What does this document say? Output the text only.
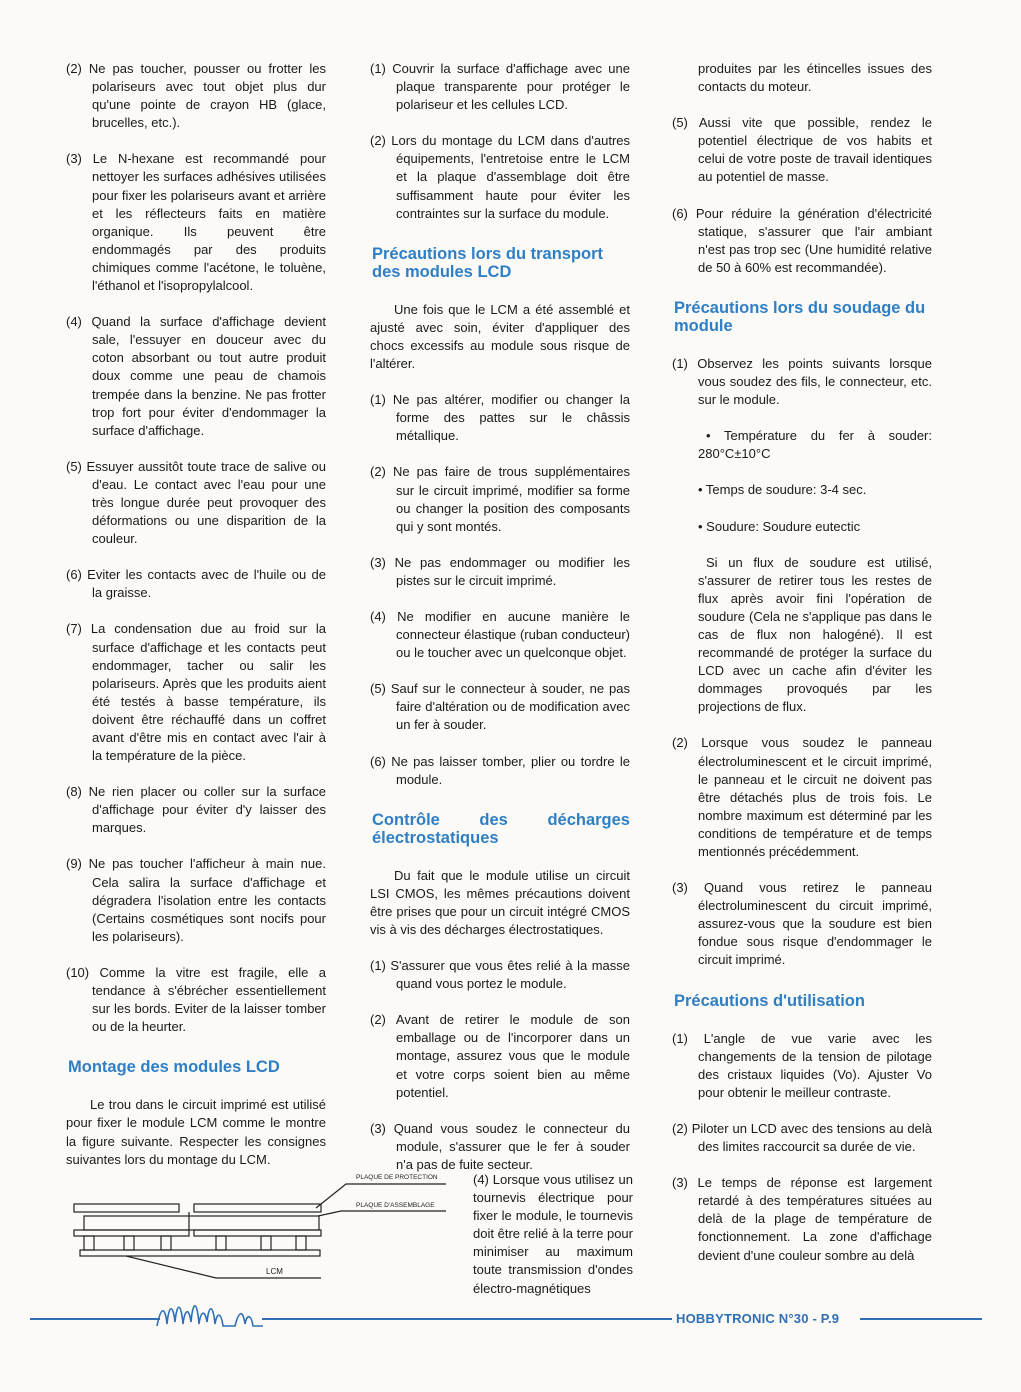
(2) Ne pas toucher, pousser ou frotter les polariseurs avec tout objet plus dur qu'une pointe de crayon HB (glace, brucelles, etc.).

(3) Le N-hexane est recommandé pour nettoyer les surfaces adhésives utilisées pour fixer les polariseurs avant et arrière et les réflecteurs faits en matière organique. Ils peuvent être endommagés par des produits chimiques comme l'acétone, le toluène, l'éthanol et l'isopropylalcool.

(4) Quand la surface d'affichage devient sale, l'essuyer en douceur avec du coton absorbant ou tout autre produit doux comme une peau de chamois trempée dans la benzine. Ne pas frotter trop fort pour éviter d'endommager la surface d'affichage.

(5) Essuyer aussitôt toute trace de salive ou d'eau. Le contact avec l'eau pour une très longue durée peut provoquer des déformations ou une disparition de la couleur.

(6) Eviter les contacts avec de l'huile ou de la graisse.

(7) La condensation due au froid sur la surface d'affichage et les contacts peut endommager, tacher ou salir les polariseurs. Après que les produits aient été testés à basse température, ils doivent être réchauffé dans un coffret avant d'être mis en contact avec l'air à la température de la pièce.

(8) Ne rien placer ou coller sur la surface d'affichage pour éviter d'y laisser des marques.

(9) Ne pas toucher l'afficheur à main nue. Cela salira la surface d'affichage et dégradera l'isolation entre les contacts (Certains cosmétiques sont nocifs pour les polariseurs).

(10) Comme la vitre est fragile, elle a tendance à s'ébrécher essentiellement sur les bords. Eviter de la laisser tomber ou de la heurter.

Montage des modules LCD

Le trou dans le circuit imprimé est utilisé pour fixer le module LCM comme le montre la figure suivante. Respecter les consignes suivantes lors du montage du LCM.

(1) Couvrir la surface d'affichage avec une plaque transparente pour protéger le polariseur et les cellules LCD.

(2) Lors du montage du LCM dans d'autres équipements, l'entretoise entre le LCM et la plaque d'assemblage doit être suffisamment haute pour éviter les contraintes sur la surface du module.

Précautions lors du transport des modules LCD

Une fois que le LCM a été assemblé et ajusté avec soin, éviter d'appliquer des chocs excessifs au module sous risque de l'altérer.

(1) Ne pas altérer, modifier ou changer la forme des pattes sur le châssis métallique.

(2) Ne pas faire de trous supplémentaires sur le circuit imprimé, modifier sa forme ou changer la position des composants qui y sont montés.

(3) Ne pas endommager ou modifier les pistes sur le circuit imprimé.

(4) Ne modifier en aucune manière le connecteur élastique (ruban conducteur) ou le toucher avec un quelconque objet.

(5) Sauf sur le connecteur à souder, ne pas faire d'altération ou de modification avec un fer à souder.

(6) Ne pas laisser tomber, plier ou tordre le module.

Contrôle des décharges électrostatiques

Du fait que le module utilise un circuit LSI CMOS, les mêmes précautions doivent être prises que pour un circuit intégré CMOS vis à vis des décharges électrostatiques.

(1) S'assurer que vous êtes relié à la masse quand vous portez le module.

(2) Avant de retirer le module de son emballage ou de l'incorporer dans un montage, assurez vous que le module et votre corps soient bien au même potentiel.

(3) Quand vous soudez le connecteur du module, s'assurer que le fer à souder n'a pas de fuite secteur.

PLAQUE DE PROTECTION
PLAQUE D'ASSEMBLAGE
LCM

(4) Lorsque vous utilisez un tournevis électrique pour fixer le module, le tournevis doit être relié à la terre pour minimiser au maximum toute transmission d'ondes électro-magnétiques

produites par les étincelles issues des contacts du moteur.

(5) Aussi vite que possible, rendez le potentiel électrique de vos habits et celui de votre poste de travail identiques au potentiel de masse.

(6) Pour réduire la génération d'électricité statique, s'assurer que l'air ambiant n'est pas trop sec (Une humidité relative de 50 à 60% est recommandée).

Précautions lors du soudage du module

(1) Observez les points suivants lorsque vous soudez des fils, le connecteur, etc. sur le module.

• Température du fer à souder: 280°C±10°C

• Temps de soudure: 3-4 sec.

• Soudure: Soudure eutectic

Si un flux de soudure est utilisé, s'assurer de retirer tous les restes de flux après avoir fini l'opération de soudure (Cela ne s'applique pas dans le cas de flux non halogéné). Il est recommandé de protéger la surface du LCD avec un cache afin d'éviter les dommages provoqués par les projections de flux.

(2) Lorsque vous soudez le panneau électroluminescent et le circuit imprimé, le panneau et le circuit ne doivent pas être détachés plus de trois fois. Le nombre maximum est déterminé par les conditions de température et de temps mentionnés précédemment.

(3) Quand vous retirez le panneau électroluminescent du circuit imprimé, assurez-vous que la soudure est bien fondue sous risque d'endommager le circuit imprimé.

Précautions d'utilisation

(1) L'angle de vue varie avec les changements de la tension de pilotage des cristaux liquides (Vo). Ajuster Vo pour obtenir le meilleur contraste.

(2) Piloter un LCD avec des tensions au delà des limites raccourcit sa durée de vie.

(3) Le temps de réponse est largement retardé à des températures situées au delà de la plage de température de fonctionnement. La zone d'affichage devient d'une couleur sombre au delà

HOBBYTRONIC N°30 - P.9
